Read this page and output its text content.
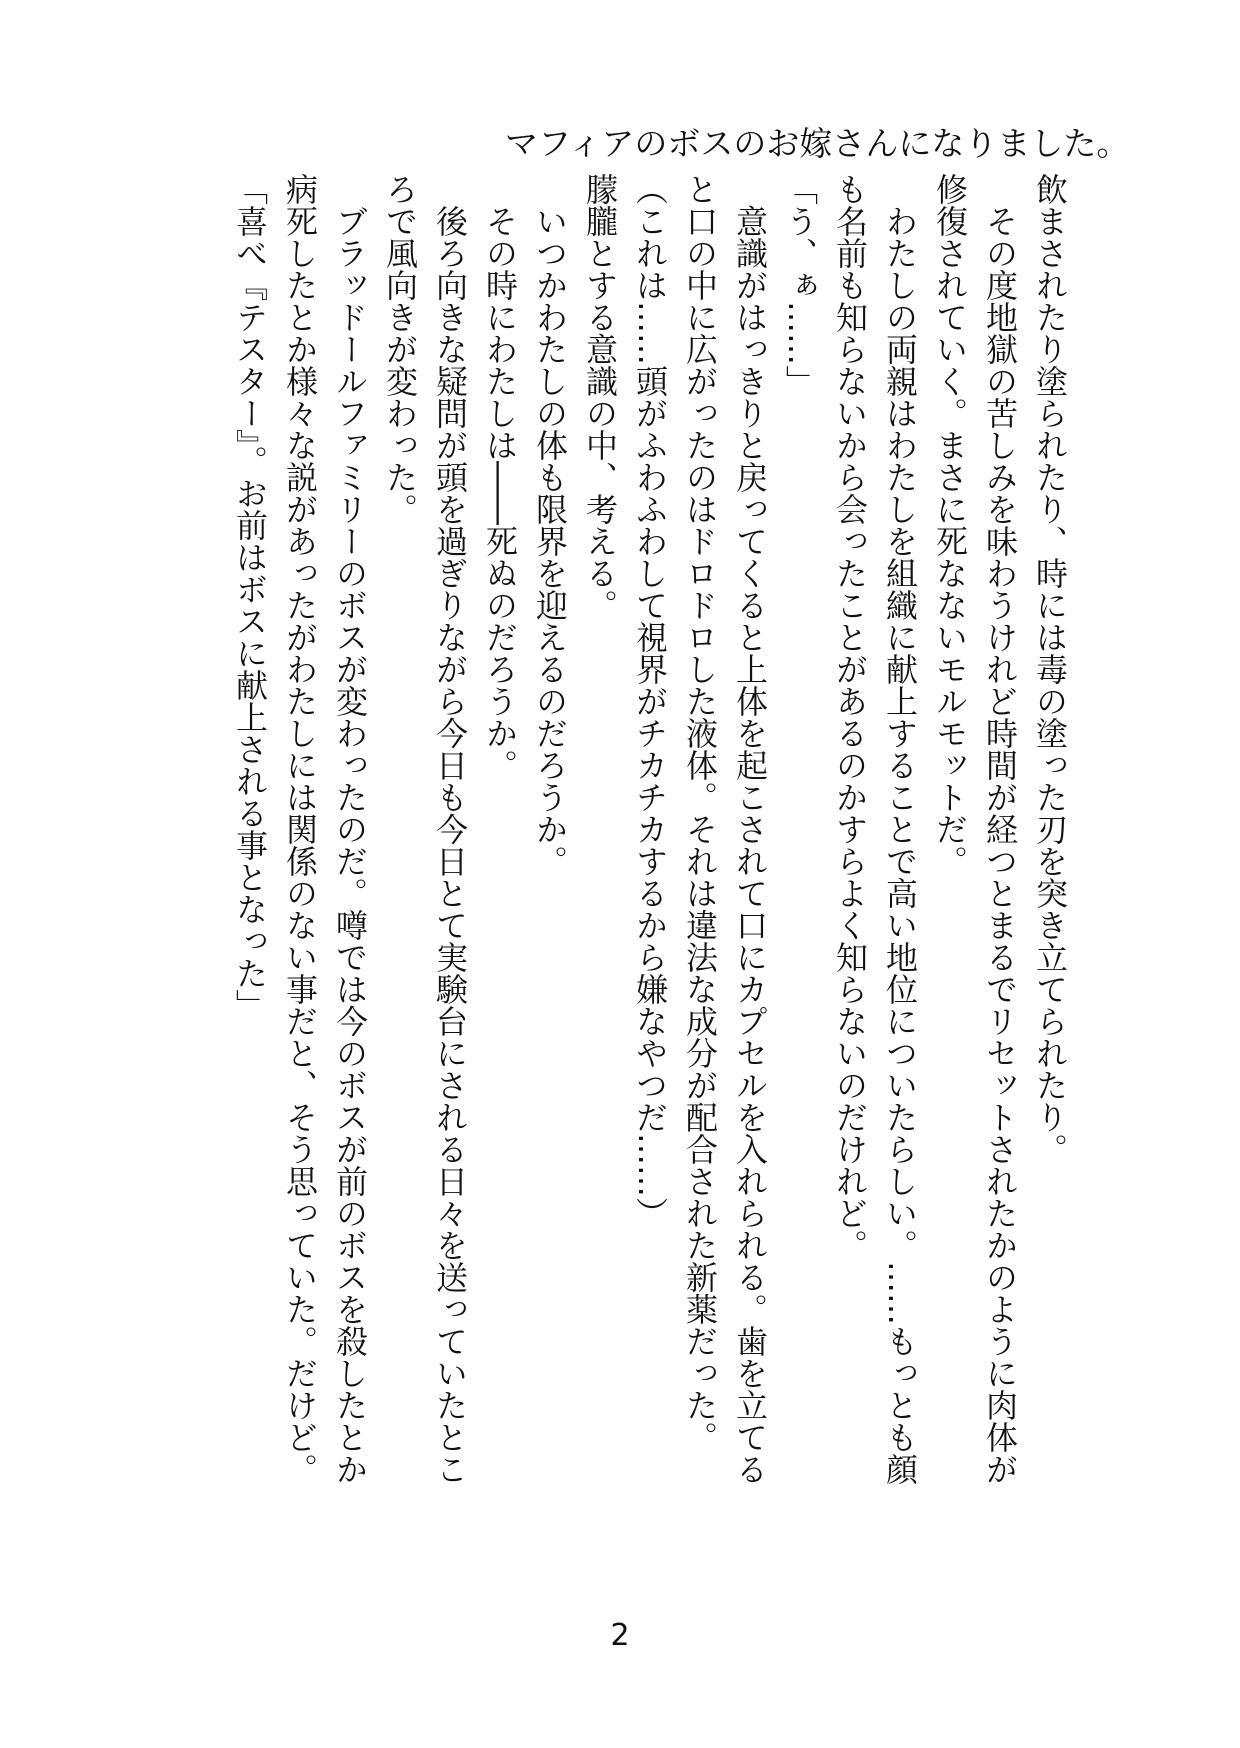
マフィアのボスのお嫁さんになりました。
飲まされたり塗られたり、時には毒の塗った刃を突き立てられたり。
　その度地獄の苦しみを味わうけれど時間が経つとまるでリセットされたかのように肉体が
修復されていく。まさに死なないモルモットだ。
　わたしの両親はわたしを組織に献上することで高い地位についたらしい。……もっとも顔
も名前も知らないから会ったことがあるのかすらよく知らないのだけれど。
「う、ぁ……」
　意識がはっきりと戻ってくると上体を起こされて口にカプセルを入れられる。歯を立てる
と口の中に広がったのはドロドロした液体。それは違法な成分が配合された新薬だった。
（これは……頭がふわふわして視界がチカチカするから嫌なやつだ……）
朦朧とする意識の中、考える。
　いつかわたしの体も限界を迎えるのだろうか。
　その時にわたしは――死ぬのだろうか。
　後ろ向きな疑問が頭を過ぎりながら今日も今日とて実験台にされる日々を送っていたとこ
ろで風向きが変わった。
　ブラッドールファミリーのボスが変わったのだ。噂では今のボスが前のボスを殺したとか
病死したとか様々な説があったがわたしには関係のない事だと、そう思っていた。だけど。
「喜べ『テスター』。お前はボスに献上される事となった」
2
